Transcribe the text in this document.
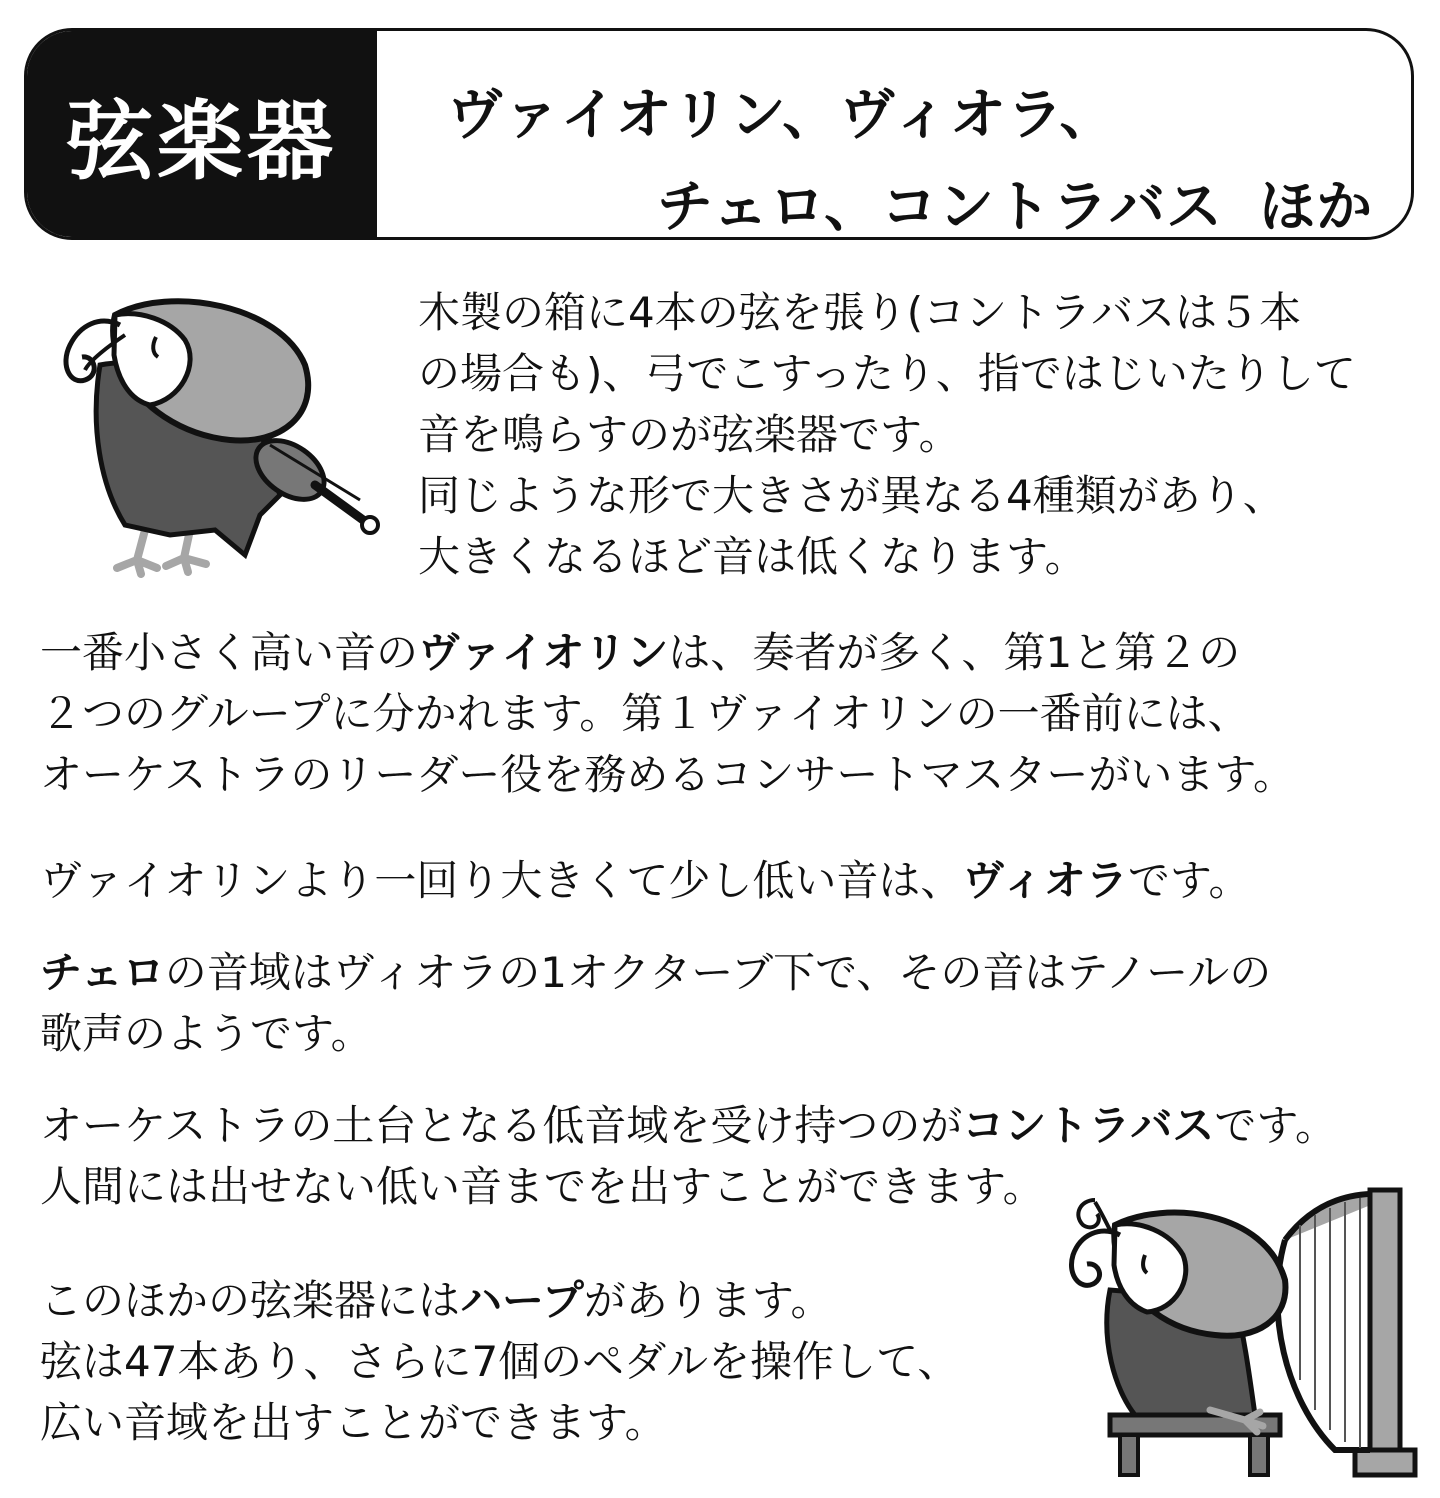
弦楽器 ヴァイオリン、ヴィオラ、
チェロ、コントラバス ほか

木製の箱に4本の弦を張り(コントラバスは５本

の場合も)、弓でこすったり、指ではじいたりして

音を鳴らすのが弦楽器です。

同じような形で大きさが異なる4種類があり、

大きくなるほど音は低くなります。

一番小さく高い音のヴァイオリンは、奏者が多く、第1と第２の

２つのグループに分かれます。第１ヴァイオリンの一番前には、

オーケストラのリーダー役を務めるコンサートマスターがいます。

ヴァイオリンより一回り大きくて少し低い音は、ヴィオラです。

チェロの音域はヴィオラの1オクターブ下で、その音はテノールの

歌声のようです。

オーケストラの土台となる低音域を受け持つのがコントラバスです。

人間には出せない低い音までを出すことができます。

このほかの弦楽器にはハープがあります。

弦は47本あり、さらに7個のペダルを操作して、

広い音域を出すことができます。
